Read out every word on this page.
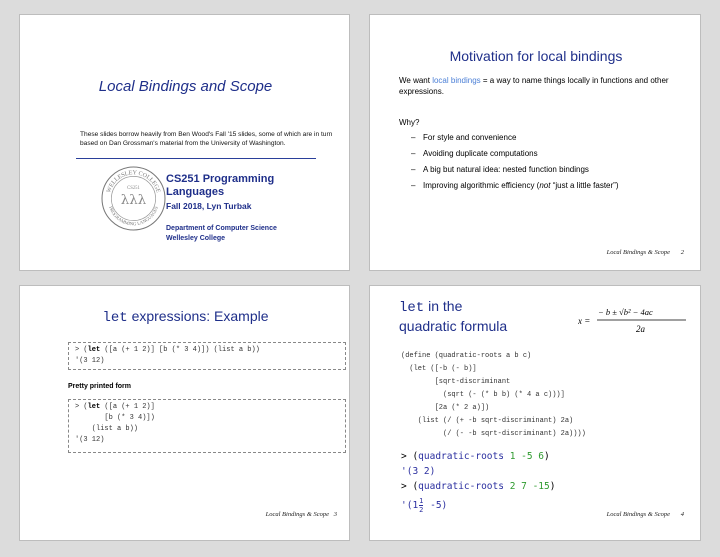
Local Bindings and Scope
These slides borrow heavily from Ben Wood's Fall '15 slides, some of which are in turn based on Dan Grossman's material from the University of Washington.
WELLESLEY COLLEGE
PROGRAMMING LANGUAGES
λλλ
CS251
CS251 Programming
Languages
Fall 2018, Lyn Turbak
Department of Computer Science
Wellesley College
Motivation for local bindings
We want local bindings = a way to name things locally in functions and other expressions.
Why?
– For style and convenience
– Avoiding duplicate computations
– A big but natural idea: nested function bindings
– Improving algorithmic efficiency (not “just a little faster”)
Local Bindings & Scope 2
let expressions: Example
> (let ([a (+ 1 2)] [b (* 3 4)]) (list a b))
'(3 12)
Pretty printed form
> (let ([a (+ 1 2)]
[b (* 3 4)])
(list a b))
'(3 12)
Local Bindings & Scope 3
let in the
quadratic formula	x =
− b ± √b² − 4ac
2a
(define (quadratic-roots a b c)
(let ([-b (- b)]
[sqrt-discriminant
(sqrt (- (* b b) (* 4 a c)))]
[2a (* 2 a)])
(list (/ (+ -b sqrt-discriminant) 2a)
(/ (- -b sqrt-discriminant) 2a))))
> (quadratic-roots 1 -5 6)
'(3 2)
> (quadratic-roots 2 7 -15)
'$(1 \frac{1}{2} -5)$
Local Bindings & Scope 4
